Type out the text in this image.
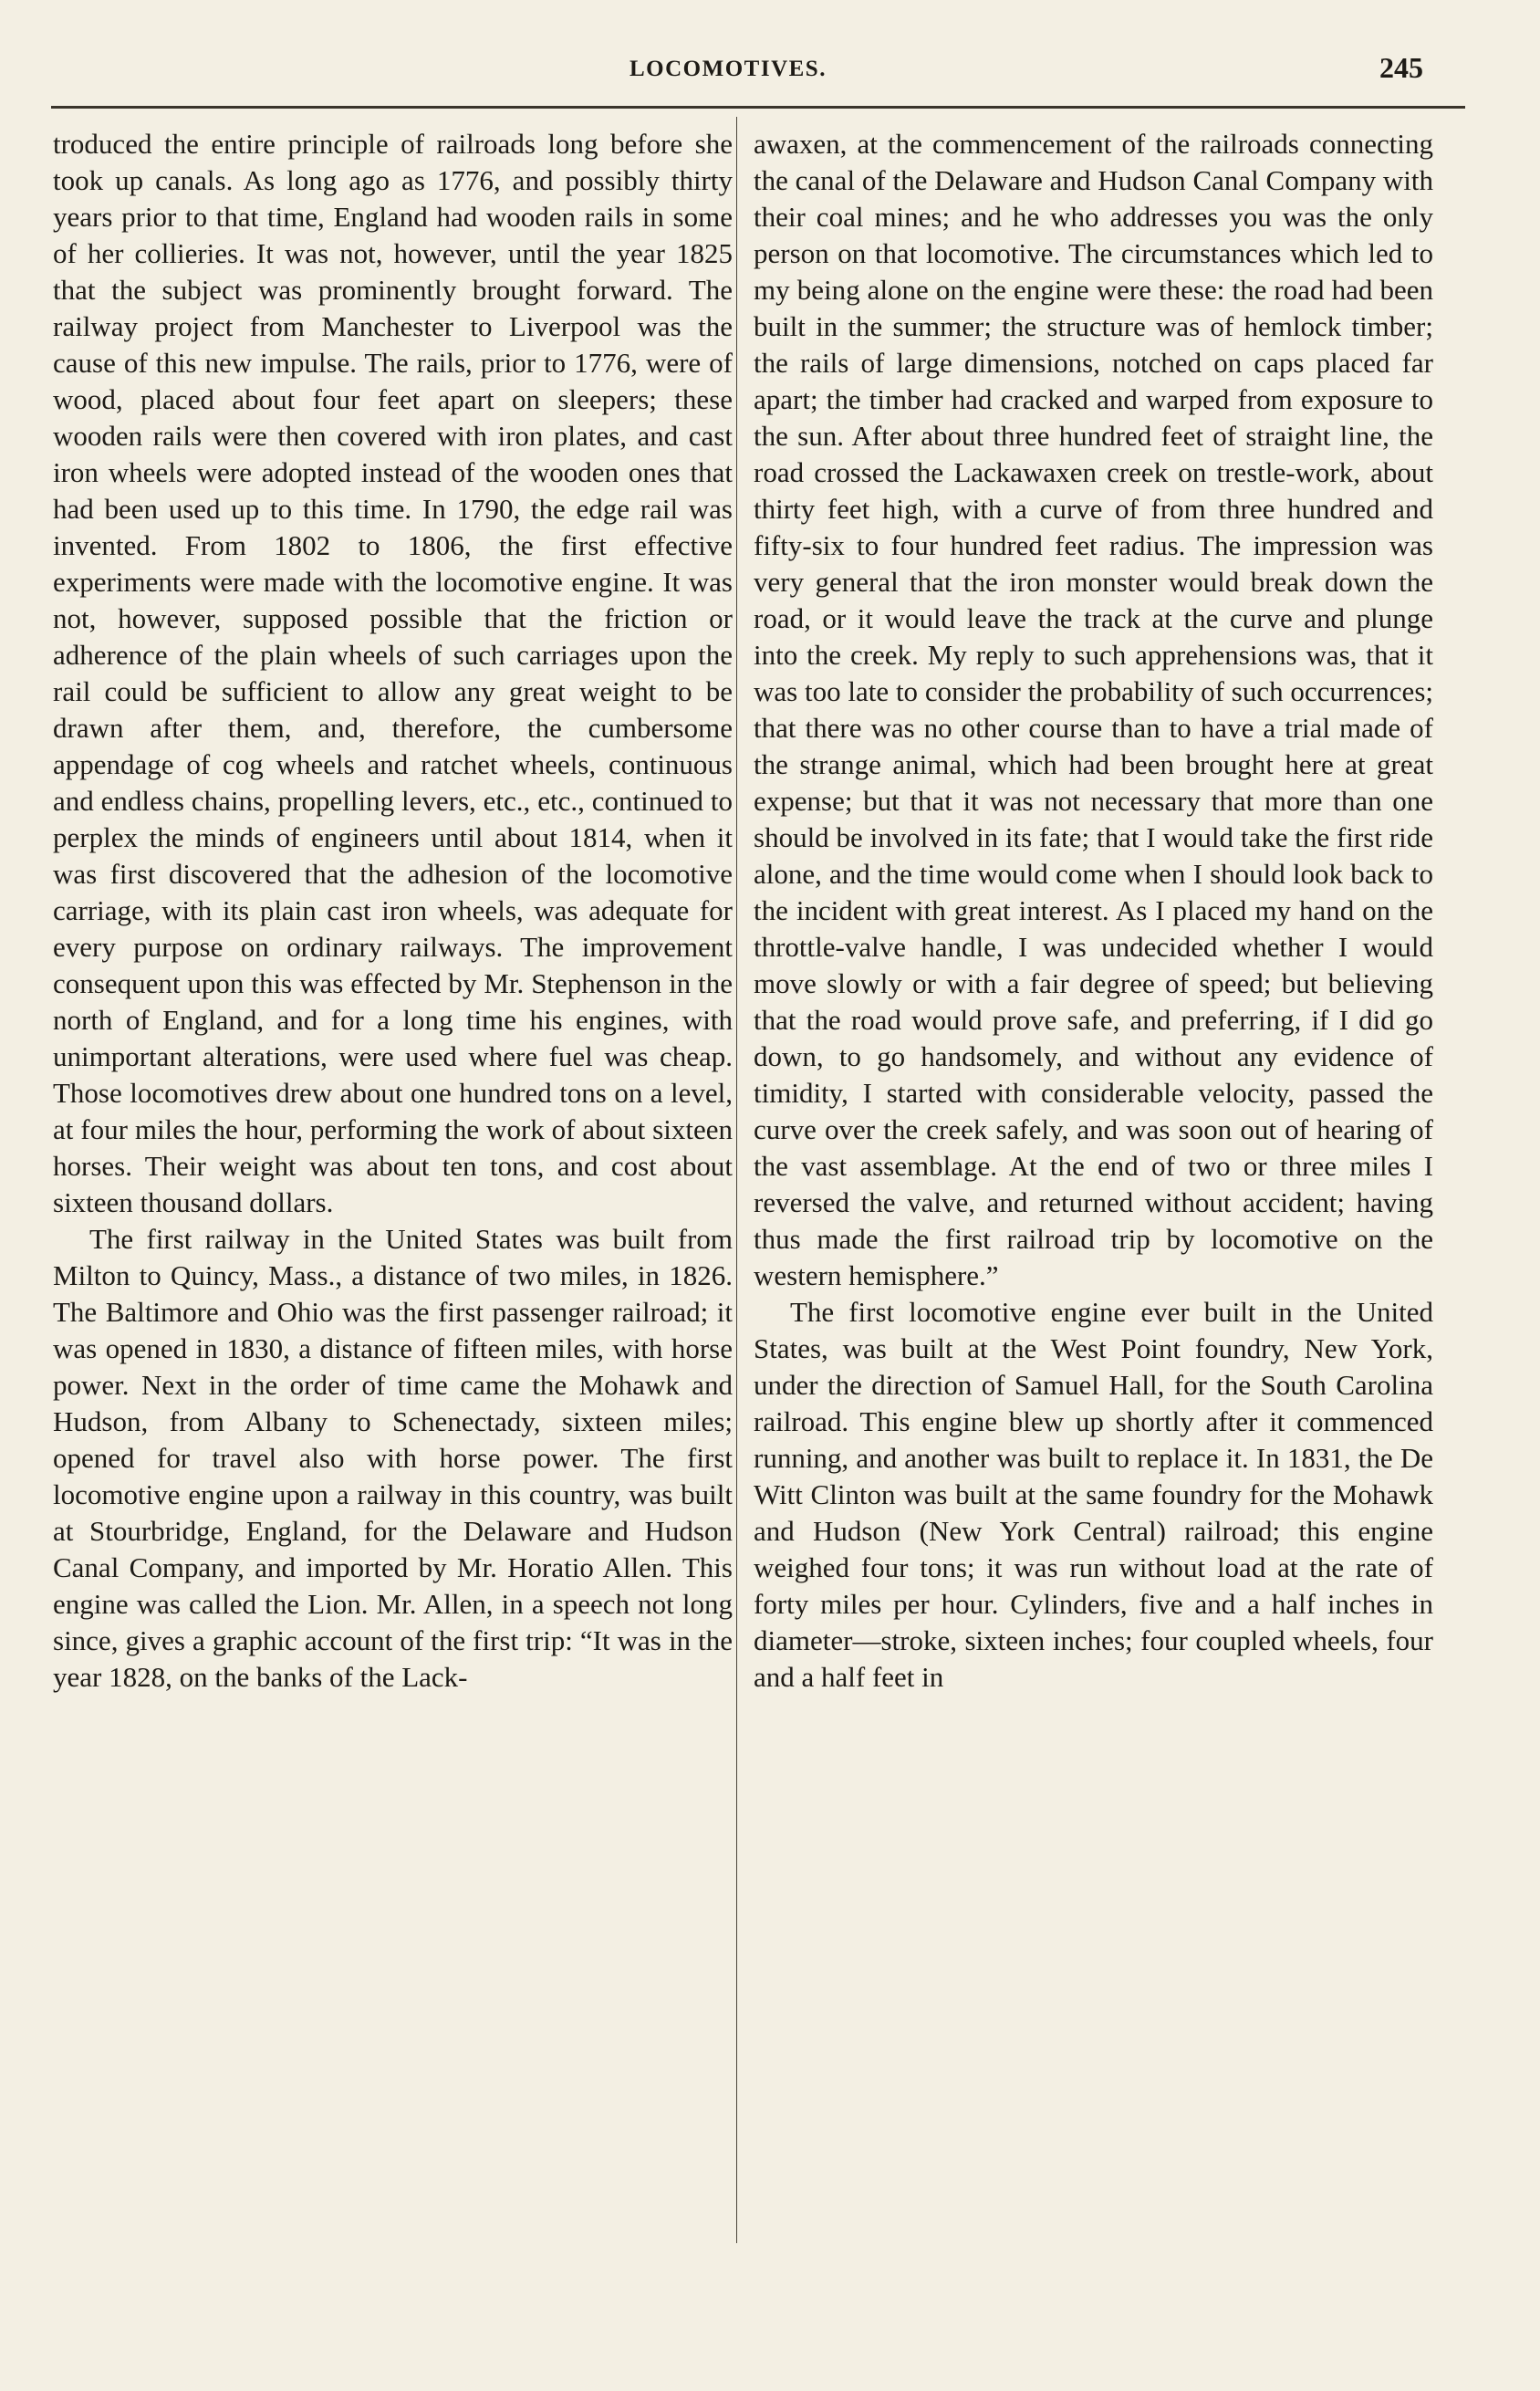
LOCOMOTIVES.	245

troduced the entire principle of railroads long before she took up canals. As long ago as 1776, and possibly thirty years prior to that time, England had wooden rails in some of her collieries. It was not, however, until the year 1825 that the subject was prominently brought forward. The railway project from Manchester to Liverpool was the cause of this new impulse. The rails, prior to 1776, were of wood, placed about four feet apart on sleepers; these wooden rails were then covered with iron plates, and cast iron wheels were adopted instead of the wooden ones that had been used up to this time. In 1790, the edge rail was invented. From 1802 to 1806, the first effective experiments were made with the locomotive engine. It was not, however, supposed possible that the friction or adherence of the plain wheels of such carriages upon the rail could be sufficient to allow any great weight to be drawn after them, and, therefore, the cumbersome appendage of cog wheels and ratchet wheels, continuous and endless chains, propelling levers, etc., etc., continued to perplex the minds of engineers until about 1814, when it was first discovered that the adhesion of the locomotive carriage, with its plain cast iron wheels, was adequate for every purpose on ordinary railways. The improvement consequent upon this was effected by Mr. Stephenson in the north of England, and for a long time his engines, with unimportant alterations, were used where fuel was cheap. Those locomotives drew about one hundred tons on a level, at four miles the hour, performing the work of about sixteen horses. Their weight was about ten tons, and cost about sixteen thousand dollars.

The first railway in the United States was built from Milton to Quincy, Mass., a distance of two miles, in 1826. The Baltimore and Ohio was the first passenger railroad; it was opened in 1830, a distance of fifteen miles, with horse power. Next in the order of time came the Mohawk and Hudson, from Albany to Schenectady, sixteen miles; opened for travel also with horse power. The first locomotive engine upon a railway in this country, was built at Stourbridge, England, for the Delaware and Hudson Canal Company, and imported by Mr. Horatio Allen. This engine was called the Lion. Mr. Allen, in a speech not long since, gives a graphic account of the first trip: “It was in the year 1828, on the banks of the Lack-

awaxen, at the commencement of the railroads connecting the canal of the Delaware and Hudson Canal Company with their coal mines; and he who addresses you was the only person on that locomotive. The circumstances which led to my being alone on the engine were these: the road had been built in the summer; the structure was of hemlock timber; the rails of large dimensions, notched on caps placed far apart; the timber had cracked and warped from exposure to the sun. After about three hundred feet of straight line, the road crossed the Lackawaxen creek on trestle-work, about thirty feet high, with a curve of from three hundred and fifty-six to four hundred feet radius. The impression was very general that the iron monster would break down the road, or it would leave the track at the curve and plunge into the creek. My reply to such apprehensions was, that it was too late to consider the probability of such occurrences; that there was no other course than to have a trial made of the strange animal, which had been brought here at great expense; but that it was not necessary that more than one should be involved in its fate; that I would take the first ride alone, and the time would come when I should look back to the incident with great interest. As I placed my hand on the throttle-valve handle, I was undecided whether I would move slowly or with a fair degree of speed; but believing that the road would prove safe, and preferring, if I did go down, to go handsomely, and without any evidence of timidity, I started with considerable velocity, passed the curve over the creek safely, and was soon out of hearing of the vast assemblage. At the end of two or three miles I reversed the valve, and returned without accident; having thus made the first railroad trip by locomotive on the western hemisphere.”

The first locomotive engine ever built in the United States, was built at the West Point foundry, New York, under the direction of Samuel Hall, for the South Carolina railroad. This engine blew up shortly after it commenced running, and another was built to replace it. In 1831, the De Witt Clinton was built at the same foundry for the Mohawk and Hudson (New York Central) railroad; this engine weighed four tons; it was run without load at the rate of forty miles per hour. Cylinders, five and a half inches in diameter—stroke, sixteen inches; four coupled wheels, four and a half feet in
